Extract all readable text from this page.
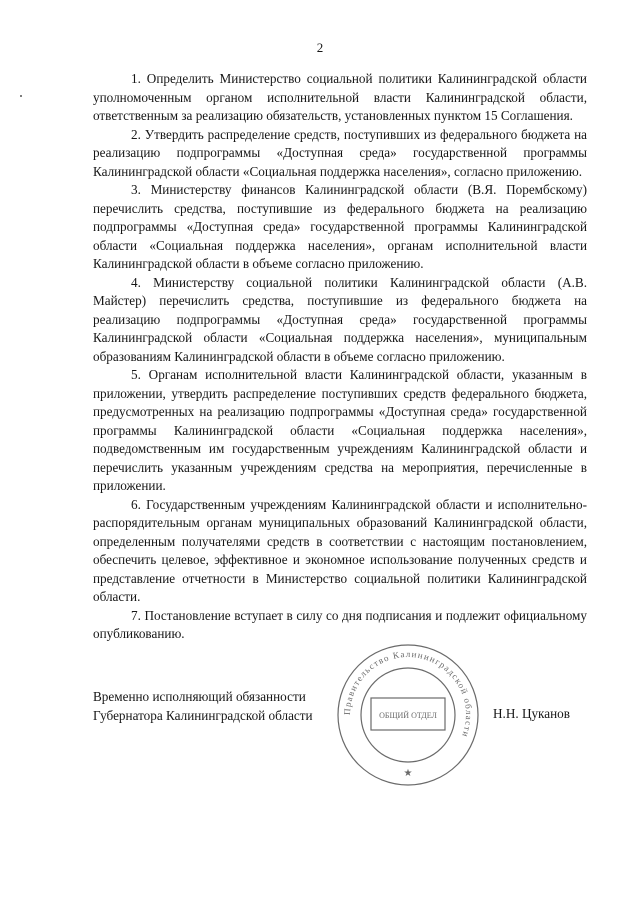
2

1. Определить Министерство социальной политики Калининградской области уполномоченным органом исполнительной власти Калининградской области, ответственным за реализацию обязательств, установленных пунктом 15 Соглашения.

2. Утвердить распределение средств, поступивших из федерального бюджета на реализацию подпрограммы «Доступная среда» государственной программы Калининградской области «Социальная поддержка населения», согласно приложению.

3. Министерству финансов Калининградской области (В.Я. Порембскому) перечислить средства, поступившие из федерального бюджета на реализацию подпрограммы «Доступная среда» государственной программы Калининградской области «Социальная поддержка населения», органам исполнительной власти Калининградской области в объеме согласно приложению.

4. Министерству социальной политики Калининградской области (А.В. Майстер) перечислить средства, поступившие из федерального бюджета на реализацию подпрограммы «Доступная среда» государственной программы Калининградской области «Социальная поддержка населения», муниципальным образованиям Калининградской области в объеме согласно приложению.

5. Органам исполнительной власти Калининградской области, указанным в приложении, утвердить распределение поступивших средств федерального бюджета, предусмотренных на реализацию подпрограммы «Доступная среда» государственной программы Калининградской области «Социальная поддержка населения», подведомственным им государственным учреждениям Калининградской области и перечислить указанным учреждениям средства на мероприятия, перечисленные в приложении.

6. Государственным учреждениям Калининградской области и исполнительно-распорядительным органам муниципальных образований Калининградской области, определенным получателями средств в соответствии с настоящим постановлением, обеспечить целевое, эффективное и экономное использование полученных средств и представление отчетности в Министерство социальной политики Калининградской области.

7. Постановление вступает в силу со дня подписания и подлежит официальному опубликованию.

Временно исполняющий обязанности
Губернатора Калининградской области	Н.Н. Цуканов
Правительство Калининградской области
ОБЩИЙ ОТДЕЛ
★
